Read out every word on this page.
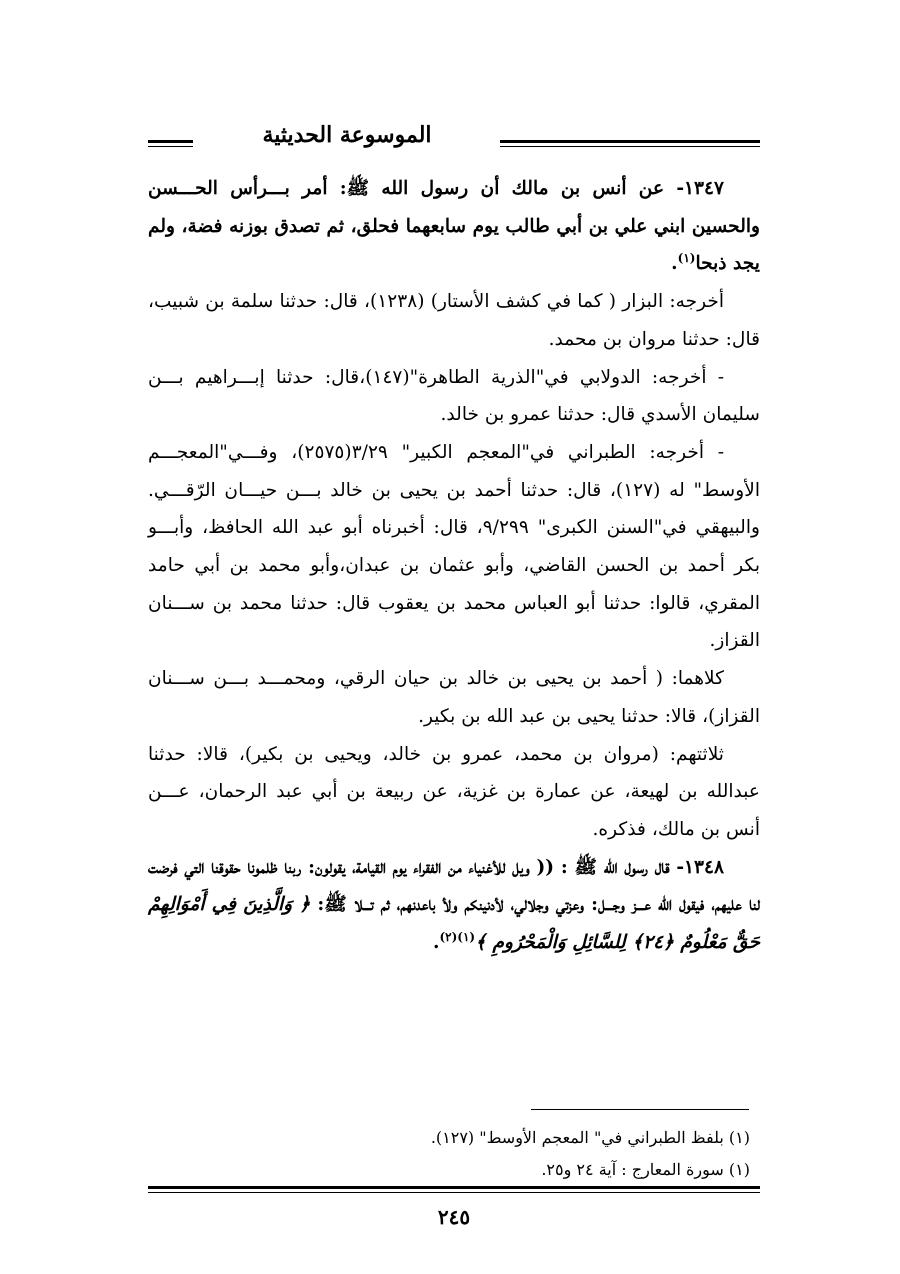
الموسوعة الحديثية

١٣٤٧- عن أنس بن مالك أن رسول الله ﷺ: أمر بـــرأس الحـــسن والحسين ابني علي بن أبي طالب يوم سابعهما فحلق، ثم تصدق بوزنه فضة، ولم يجد ذبحا$^{(١)}$.

أخرجه: البزار ( كما في كشف الأستار) (١٢٣٨)، قال: حدثنا سلمة بن شبيب، قال: حدثنا مروان بن محمد.

- أخرجه: الدولابي في"الذرية الطاهرة"(١٤٧)،قال: حدثنا إبـــراهيم بـــن سليمان الأسدي قال: حدثنا عمرو بن خالد.

- أخرجه: الطبراني في"المعجم الكبير" ٣/٢٩(٢٥٧٥)، وفـــي"المعجـــم الأوسط" له (١٢٧)، قال: حدثنا أحمد بن يحيى بن خالد بـــن حيـــان الرّقـــي. والبيهقي في"السنن الكبرى" ٩/٢٩٩، قال: أخبرناه أبو عبد الله الحافظ، وأبـــو بكر أحمد بن الحسن القاضي، وأبو عثمان بن عبدان،وأبو محمد بن أبي حامد المقري، قالوا: حدثنا أبو العباس محمد بن يعقوب قال: حدثنا محمد بن ســـنان القزاز.

كلاهما: ( أحمد بن يحيى بن خالد بن حيان الرقي، ومحمـــد بـــن ســـنان القزاز)، قالا: حدثنا يحيى بن عبد الله بن بكير.

ثلاثتهم: (مروان بن محمد، عمرو بن خالد، ويحيى بن بكير)، قالا: حدثنا عبدالله بن لهيعة، عن عمارة بن غزية، عن ربيعة بن أبي عبد الرحمان، عـــن أنس بن مالك، فذكره.

١٣٤٨- قال رسول الله ﷺ : (( ويل للأغنياء من الفقراء يوم القيامة، يقولون: ربنا ظلمونا حقوقنا التي فرضت لنا عليهم، فيقول الله عـــز وجـــل: وعزتي وجلالي، لأدنينكم ولأ باعدنهم، ثم تـــلا ﷺ: ﴿ وَالَّذِينَ فِي أَمْوَالِهِمْ حَقٌّ مَعْلُومٌ ﴿٢٤﴾ لِلسَّائِلِ وَالْمَحْرُومِ ﴾$^{(١)(٢)}$.

(١) بلفظ الطبراني في" المعجم الأوسط" (١٢٧).

(١) سورة المعارج : آية ٢٤ و٢٥.

٢٤٥
